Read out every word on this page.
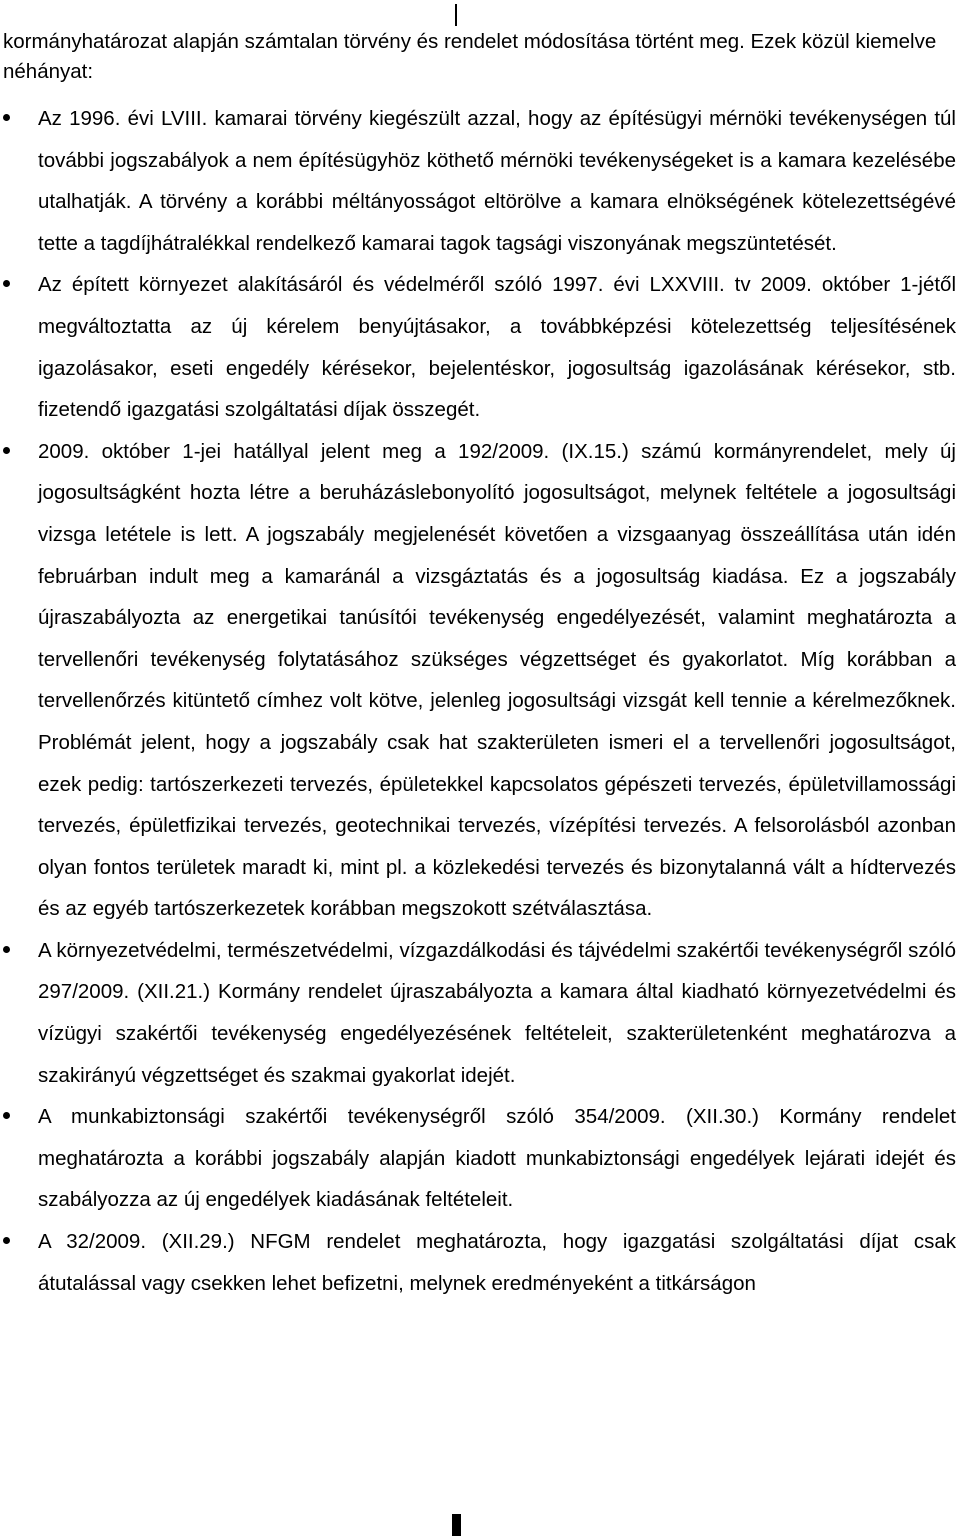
kormányhatározat alapján számtalan törvény és rendelet módosítása történt meg. Ezek közül kiemelve néhányat:

Az 1996. évi LVIII. kamarai törvény kiegészült azzal, hogy az építésügyi mérnöki tevékenységen túl további jogszabályok a nem építésügyhöz köthető mérnöki tevékenységeket is a kamara kezelésébe utalhatják. A törvény a korábbi méltányosságot eltörölve a kamara elnökségének kötelezettségévé tette a tagdíjhátralékkal rendelkező kamarai tagok tagsági viszonyának megszüntetését.
Az épített környezet alakításáról és védelméről szóló 1997. évi LXXVIII. tv 2009. október 1-jétől megváltoztatta az új kérelem benyújtásakor, a továbbképzési kötelezettség teljesítésének igazolásakor, eseti engedély kérésekor, bejelentéskor, jogosultság igazolásának kérésekor, stb. fizetendő igazgatási szolgáltatási díjak összegét.
2009. október 1-jei hatállyal jelent meg a 192/2009. (IX.15.) számú kormányrendelet, mely új jogosultságként hozta létre a beruházáslebonyolító jogosultságot, melynek feltétele a jogosultsági vizsga letétele is lett. A jogszabály megjelenését követően a vizsgaanyag összeállítása után idén februárban indult meg a kamaránál a vizsgáztatás és a jogosultság kiadása. Ez a jogszabály újraszabályozta az energetikai tanúsítói tevékenység engedélyezését, valamint meghatározta a tervellenőri tevékenység folytatásához szükséges végzettséget és gyakorlatot. Míg korábban a tervellenőrzés kitüntető címhez volt kötve, jelenleg jogosultsági vizsgát kell tennie a kérelmezőknek. Problémát jelent, hogy a jogszabály csak hat szakterületen ismeri el a tervellenőri jogosultságot, ezek pedig: tartószerkezeti tervezés, épületekkel kapcsolatos gépészeti tervezés, épületvillamossági tervezés, épületfizikai tervezés, geotechnikai tervezés, vízépítési tervezés. A felsorolásból azonban olyan fontos területek maradt ki, mint pl. a közlekedési tervezés és bizonytalanná vált a hídtervezés és az egyéb tartószerkezetek korábban megszokott szétválasztása.
A környezetvédelmi, természetvédelmi, vízgazdálkodási és tájvédelmi szakértői tevékenységről szóló 297/2009. (XII.21.) Kormány rendelet újraszabályozta a kamara által kiadható környezetvédelmi és vízügyi szakértői tevékenység engedélyezésének feltételeit, szakterületenként meghatározva a szakirányú végzettséget és szakmai gyakorlat idejét.
A munkabiztonsági szakértői tevékenységről szóló 354/2009. (XII.30.) Kormány rendelet meghatározta a korábbi jogszabály alapján kiadott munkabiztonsági engedélyek lejárati idejét és szabályozza az új engedélyek kiadásának feltételeit.
A 32/2009. (XII.29.) NFGM rendelet meghatározta, hogy igazgatási szolgáltatási díjat csak átutalással vagy csekken lehet befizetni, melynek eredményeként a titkárságon
